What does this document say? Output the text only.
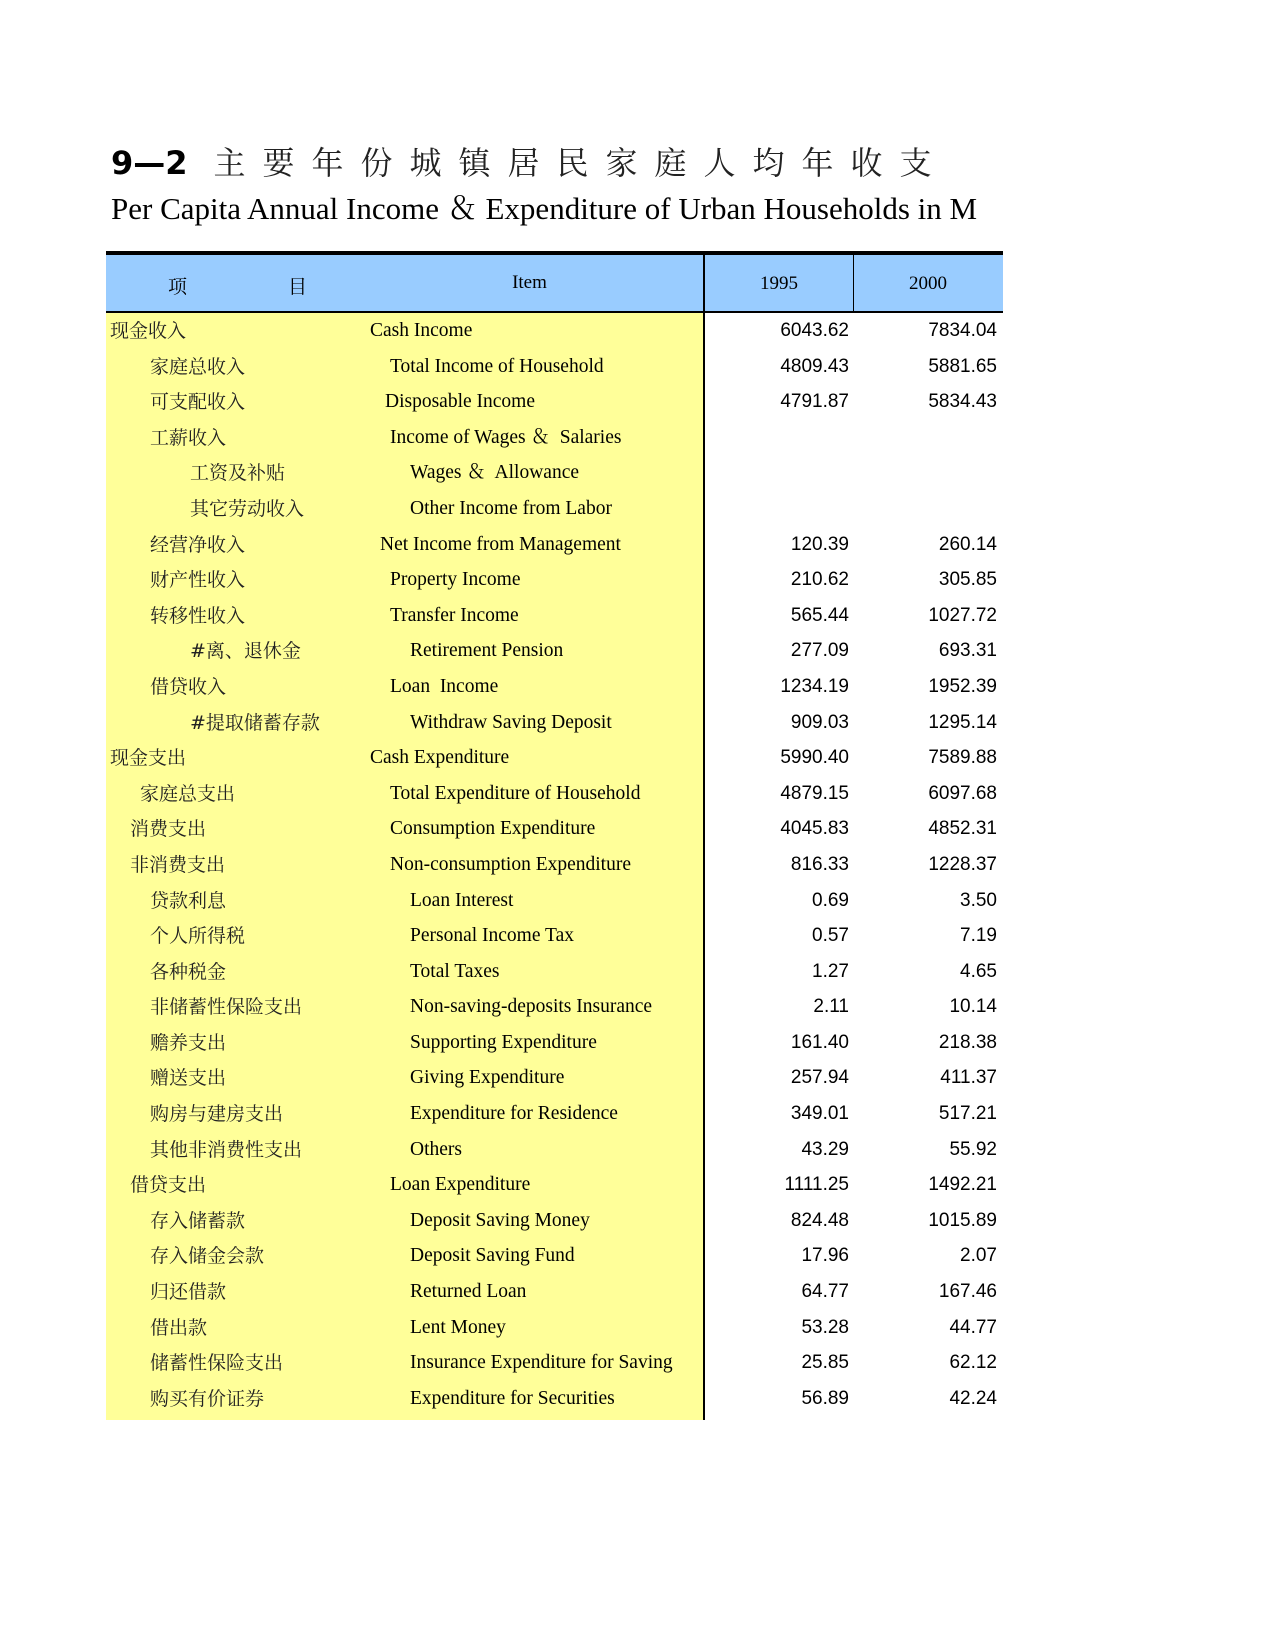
9—2 主要年份城镇居民家庭人均年收支
Per Capita Annual Income ＆ Expenditure of Urban Households in M
项	目	Item	1995	2000
现金收入	Cash Income	6043.62	7834.04
家庭总收入	Total Income of Household	4809.43	5881.65
可支配收入	Disposable Income	4791.87	5834.43
工薪收入	Income of Wages ＆  Salaries
工资及补贴	Wages ＆  Allowance
其它劳动收入	Other Income from Labor
经营净收入	Net Income from Management	120.39	260.14
财产性收入	Property Income	210.62	305.85
转移性收入	Transfer Income	565.44	1027.72
#离、退休金	Retirement Pension	277.09	693.31
借贷收入	Loan  Income	1234.19	1952.39
#提取储蓄存款	Withdraw Saving Deposit	909.03	1295.14
现金支出	Cash Expenditure	5990.40	7589.88
家庭总支出	Total Expenditure of Household	4879.15	6097.68
消费支出	Consumption Expenditure	4045.83	4852.31
非消费支出	Non-consumption Expenditure	816.33	1228.37
贷款利息	Loan Interest	0.69	3.50
个人所得税	Personal Income Tax	0.57	7.19
各种税金	Total Taxes	1.27	4.65
非储蓄性保险支出	Non-saving-deposits Insurance	2.11	10.14
赡养支出	Supporting Expenditure	161.40	218.38
赠送支出	Giving Expenditure	257.94	411.37
购房与建房支出	Expenditure for Residence	349.01	517.21
其他非消费性支出	Others	43.29	55.92
借贷支出	Loan Expenditure	1111.25	1492.21
存入储蓄款	Deposit Saving Money	824.48	1015.89
存入储金会款	Deposit Saving Fund	17.96	2.07
归还借款	Returned Loan	64.77	167.46
借出款	Lent Money	53.28	44.77
储蓄性保险支出	Insurance Expenditure for Saving	25.85	62.12
购买有价证券	Expenditure for Securities	56.89	42.24
